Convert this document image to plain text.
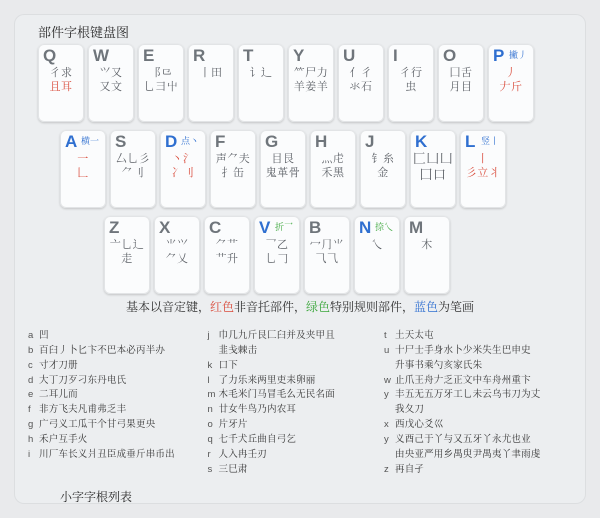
部件字根键盘图
Q
彳求
且耳
W
⺍又
又文
E
⻏⺋
乚彐屮
R
丨田
T
讠辶
Y
⺮尸力
羊姜羊
U
亻彳
氺石
I
彳行
虫
O
囗舌
月目
P 撇丿
丿
𠂇斤
A 横一
一
𠃊
S
厶乚彡
⺈刂
D 点丶
丶氵
冫刂
F
声⺈夫
扌缶
G
目艮
鬼革骨
H
灬虍
禾黑
J
钅糸
金
K
匚⼐凵
囗口
L 竖丨
丨
彡立丬
Z
亠乚辶
走
X
⺌⺍
⺈乂
C
⺈艹
艹升
V 折乛
乛乙
⺃𠃌
B
冖⺆⺌
⺄⺄
N 捺乀
乀
M
木
基本以音定键，红色非音托部件，绿色特别规则部件，蓝色为笔画
a 凹
b 百臼丿卜匕卞不巴本必丙半办
c 寸才刀册
d 大丁刀歹刁东丹电氏
e 二耳儿而
f 非方飞夫凡甫弗乏丰
g 广弓义工瓜干个甘弓果更央
h 禾户互手火
i 川厂车长义爿丑臣成垂斤串币出
j 巾几九斤艮匚臼并及夹甲且
韭戋棘击
k 口下
l 了力乐来两里吏耒卵丽
m 木毛米门马冒毛么无民名面
n 廿女牛鸟乃内农耳
o 片牙片
q 七千犬丘曲自弓乞
r 人入冉壬刃
s 三巳肃
t 土天太屯
u 十尸士手身水卜少米失生巴申史
升事书乘勺亥家氏朱
w 止爪王舟𠂇乏正文中车舟州重卞
y 丰五无五万牙工乚未云乌韦刀为丈
我夂刀
x 西戊心爻巛
y 义酉己于丫与又五牙丫永尤也业
由央亚严用乡禺臾尹禺夷丫聿雨虔
z 再自孑
小字字根列表
